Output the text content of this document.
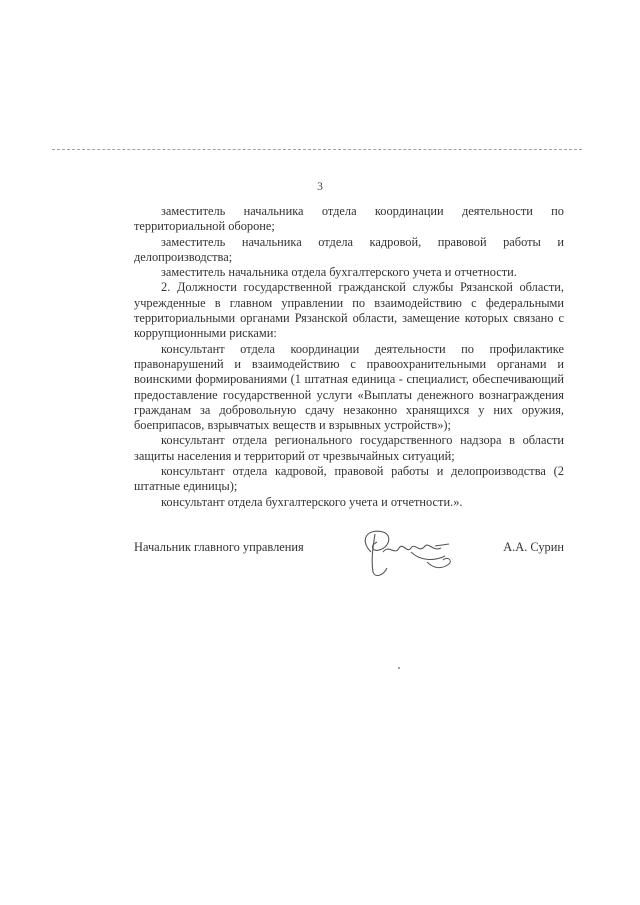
3

заместитель начальника отдела координации деятельности по территориальной обороне;

заместитель начальника отдела кадровой, правовой работы и делопроизводства;

заместитель начальника отдела бухгалтерского учета и отчетности.

2. Должности государственной гражданской службы Рязанской области, учрежденные в главном управлении по взаимодействию с федеральными территориальными органами Рязанской области, замещение которых связано с коррупционными рисками:

консультант отдела координации деятельности по профилактике правонарушений и взаимодействию с правоохранительными органами и воинскими формированиями (1 штатная единица - специалист, обеспечивающий предоставление государственной услуги «Выплаты денежного вознаграждения гражданам за добровольную сдачу незаконно хранящихся у них оружия, боеприпасов, взрывчатых веществ и взрывных устройств»);

консультант отдела регионального государственного надзора в области защиты населения и территорий от чрезвычайных ситуаций;

консультант отдела кадровой, правовой работы и делопроизводства (2 штатные единицы);

консультант отдела бухгалтерского учета и отчетности.».

Начальник главного управления	А.А. Сурин
